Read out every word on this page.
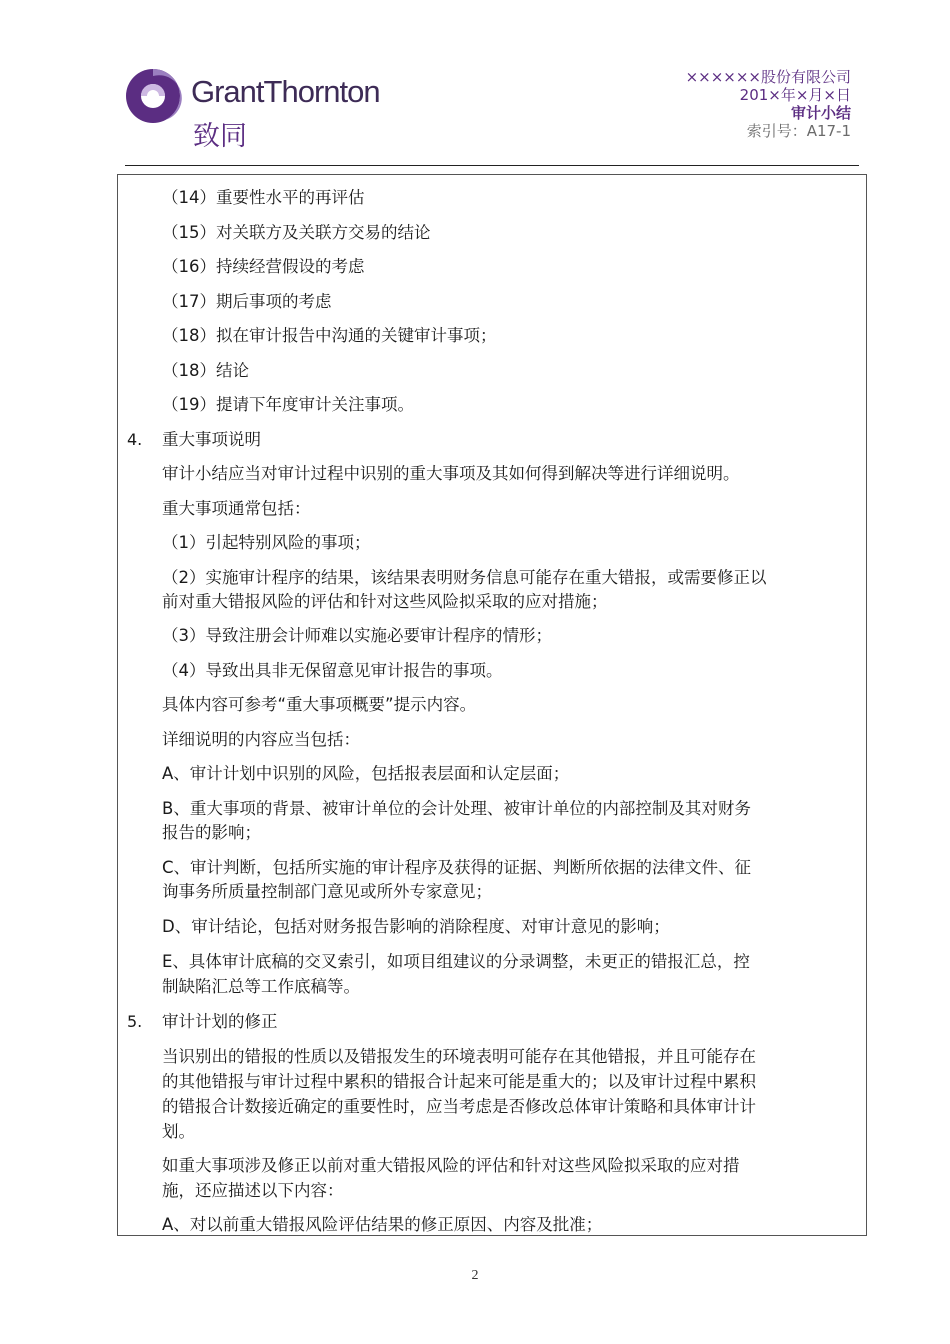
GrantThornton
致同
××××××股份有限公司
201×年×月×日
审计小结
索引号：A17-1
（14）重要性水平的再评估
（15）对关联方及关联方交易的结论
（16）持续经营假设的考虑
（17）期后事项的考虑
（18）拟在审计报告中沟通的关键审计事项；
（18）结论
（19）提请下年度审计关注事项。
4. 重大事项说明
审计小结应当对审计过程中识别的重大事项及其如何得到解决等进行详细说明。
重大事项通常包括：
（1）引起特别风险的事项；
（2）实施审计程序的结果，该结果表明财务信息可能存在重大错报，或需要修正以
前对重大错报风险的评估和针对这些风险拟采取的应对措施；
（3）导致注册会计师难以实施必要审计程序的情形；
（4）导致出具非无保留意见审计报告的事项。
具体内容可参考“重大事项概要”提示内容。
详细说明的内容应当包括：
A、审计计划中识别的风险，包括报表层面和认定层面；
B、重大事项的背景、被审计单位的会计处理、被审计单位的内部控制及其对财务
报告的影响；
C、审计判断，包括所实施的审计程序及获得的证据、判断所依据的法律文件、征
询事务所质量控制部门意见或所外专家意见；
D、审计结论，包括对财务报告影响的消除程度、对审计意见的影响；
E、具体审计底稿的交叉索引，如项目组建议的分录调整，未更正的错报汇总，控
制缺陷汇总等工作底稿等。
5. 审计计划的修正
当识别出的错报的性质以及错报发生的环境表明可能存在其他错报，并且可能存在
的其他错报与审计过程中累积的错报合计起来可能是重大的；以及审计过程中累积
的错报合计数接近确定的重要性时，应当考虑是否修改总体审计策略和具体审计计
划。
如重大事项涉及修正以前对重大错报风险的评估和针对这些风险拟采取的应对措
施，还应描述以下内容：
A、对以前重大错报风险评估结果的修正原因、内容及批准；
2
